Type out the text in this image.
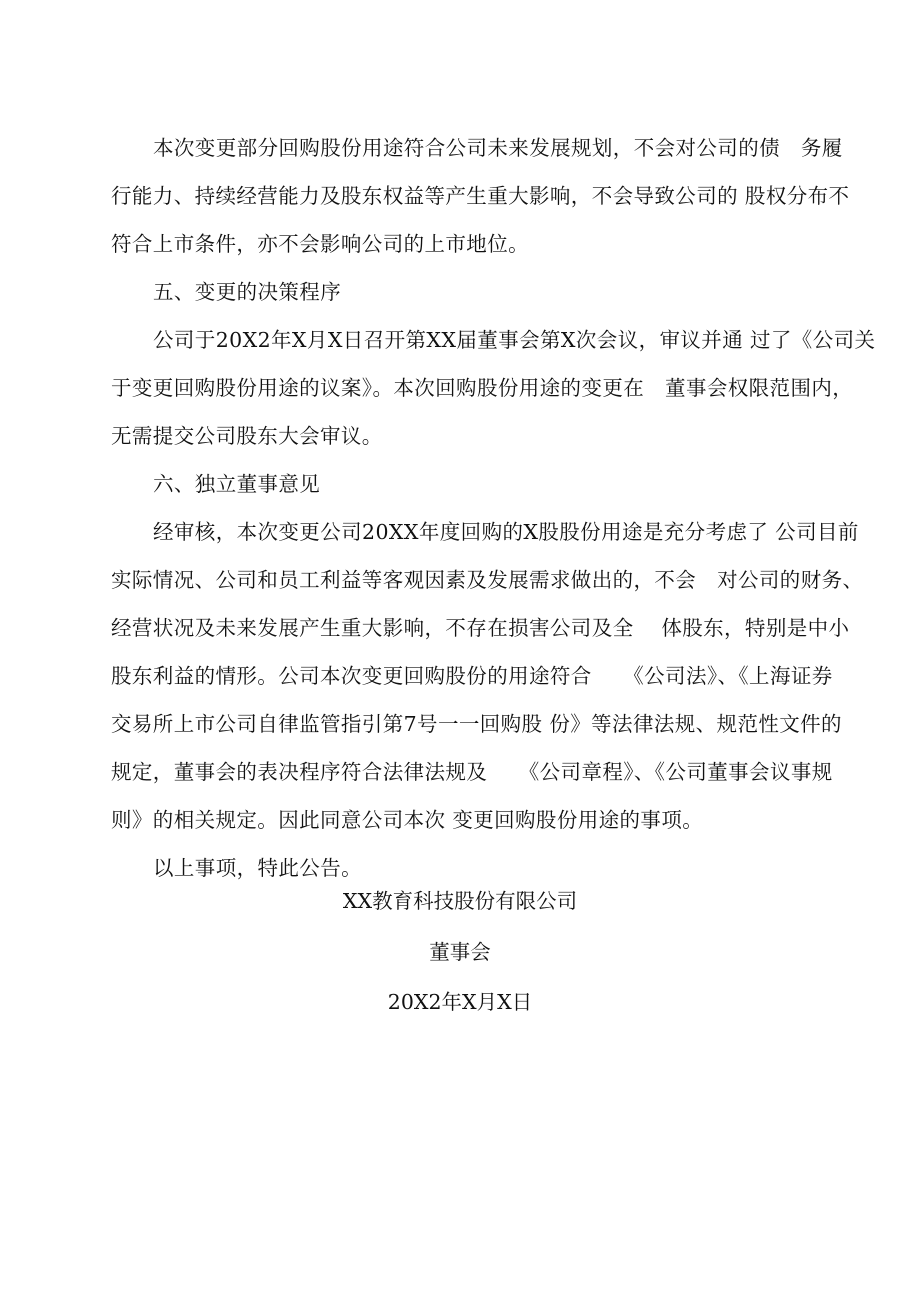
本次变更部分回购股份用途符合公司未来发展规划，不会对公司的债　务履
行能力、持续经营能力及股东权益等产生重大影响，不会导致公司的 股权分布不
符合上市条件，亦不会影响公司的上市地位。
五、变更的决策程序
公司于20X2年X月X日召开第XX届董事会第X次会议，审议并通 过了《公司关
于变更回购股份用途的议案》。本次回购股份用途的变更在　董事会权限范围内，
无需提交公司股东大会审议。
六、独立董事意见
经审核，本次变更公司20XX年度回购的X股股份用途是充分考虑了 公司目前
实际情况、公司和员工利益等客观因素及发展需求做出的，不会　对公司的财务、
经营状况及未来发展产生重大影响，不存在损害公司及全　 体股东，特别是中小
股东利益的情形。公司本次变更回购股份的用途符合　　《公司法》、《上海证券
交易所上市公司自律监管指引第7号一一回购股 份》等法律法规、规范性文件的
规定，董事会的表决程序符合法律法规及　　《公司章程》、《公司董事会议事规
则》的相关规定。因此同意公司本次 变更回购股份用途的事项。
以上事项，特此公告。
XX教育科技股份有限公司
董事会
20X2年X月X日
